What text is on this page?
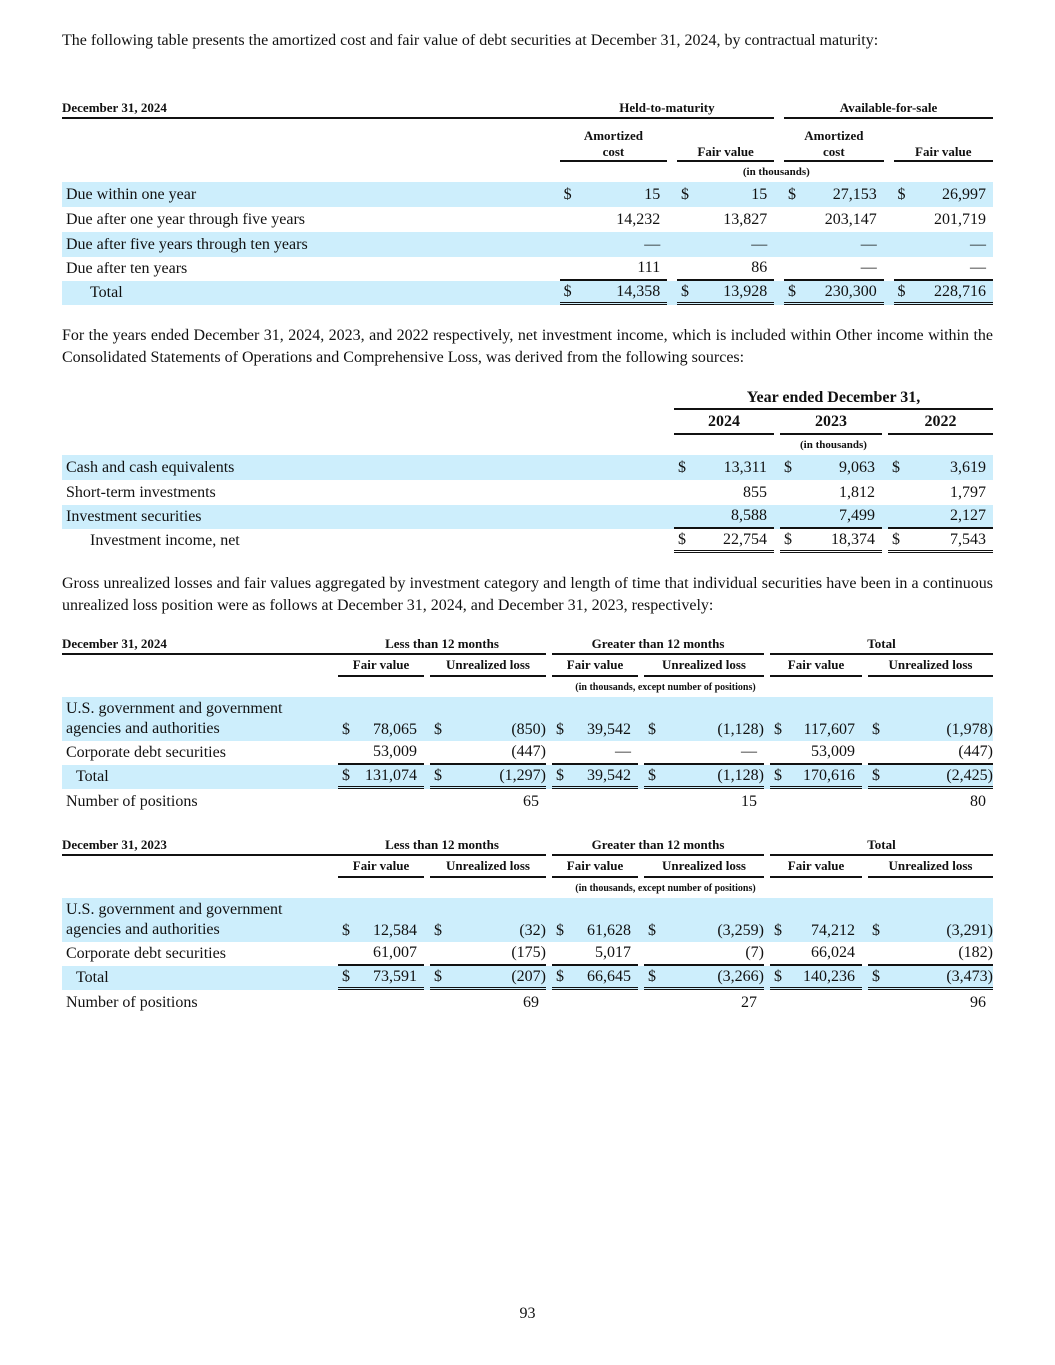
The following table presents the amortized cost and fair value of debt securities at December 31, 2024, by contractual maturity:

December 31, 2024		Held-to-maturity						Available-for-sale				
		Amortized cost			Fair value			Amortized cost			Fair value	
		(in thousands)										
Due within one year		$	15		$	15		$	27,153		$	26,997
Due after one year through five years			14,232			13,827			203,147			201,719
Due after five years through ten years			—			—			—			—
Due after ten years			111			86			—			—
Total		$	14,358		$	13,928		$	230,300		$	228,716

For the years ended December 31, 2024, 2023, and 2022 respectively, net investment income, which is included within Other income within the Consolidated Statements of Operations and Comprehensive Loss, was derived from the following sources:

		Year ended December 31,							
		2024			2023			2022	
		(in thousands)							
Cash and cash equivalents		$	13,311		$	9,063		$	3,619
Short-term investments			855			1,812			1,797
Investment securities			8,588			7,499			2,127
Investment income, net		$	22,754		$	18,374		$	7,543

Gross unrealized losses and fair values aggregated by investment category and length of time that individual securities have been in a continuous unrealized loss position were as follows at December 31, 2024, and December 31, 2023, respectively:

December 31, 2024		Less than 12 months						Greater than 12 months						Total				
		Fair value			Unrealized loss			Fair value			Unrealized loss			Fair value			Unrealized loss	
		(in thousands, except number of positions)																
U.S. government and government
agencies and authorities		$	78,065		$	(850)		$	39,542		$	(1,128)		$	117,607		$	(1,978)
Corporate debt securities			53,009			(447)			—			—			53,009			(447)
Total		$	131,074		$	(1,297)		$	39,542		$	(1,128)		$	170,616		$	(2,425)
Number of positions						65						15						80
December 31, 2023		Less than 12 months						Greater than 12 months						Total				
		Fair value			Unrealized loss			Fair value			Unrealized loss			Fair value			Unrealized loss	
		(in thousands, except number of positions)																
U.S. government and government
agencies and authorities		$	12,584		$	(32)		$	61,628		$	(3,259)		$	74,212		$	(3,291)
Corporate debt securities			61,007			(175)			5,017			(7)			66,024			(182)
Total		$	73,591		$	(207)		$	66,645		$	(3,266)		$	140,236		$	(3,473)
Number of positions						69						27						96
93
